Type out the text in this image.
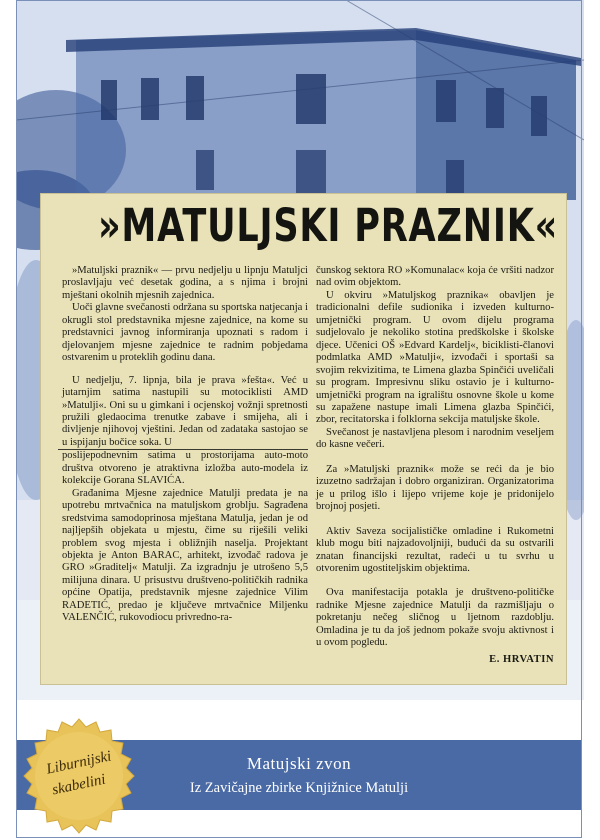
»MATULJSKI PRAZNIK«

»Matuljski praznik« — prvu nedjelju u lipnju Matuljci proslavljaju već desetak godina, a s njima i brojni mještani okolnih mjesnih zajednica.

Uoči glavne svečanosti održana su sportska natjecanja i okrugli stol predstavnika mjesne zajednice, na kome su predstavnici javnog informiranja upoznati s radom i djelovanjem mjesne zajednice te radnim pobjedama ostvarenim u proteklih godinu dana.

U nedjelju, 7. lipnja, bila je prava »fešta«. Već u jutarnjim satima nastupili su motociklisti AMD »Matulji«. Oni su u gimkani i ocjenskoj vožnji spretnosti pružili gledaocima trenutke zabave i smijeha, ali i divljenje njihovoj vještini. Jedan od zadataka sastojao se u ispijanju bočice soka. U

poslijepodnevnim satima u prostorijama auto-moto društva otvoreno je atraktivna izložba auto-modela iz kolekcije Gorana SLAVIĆA.

Građanima Mjesne zajednice Matulji predata je na upotrebu mrtvačnica na matuljskom groblju. Sagrađena sredstvima samodoprinosa mještana Matulja, jedan je od najljepših objekata u mjestu, čime su riješili veliki problem svog mjesta i obližnjih naselja. Projektant objekta je Anton BARAC, arhitekt, izvođač radova je GRO »Graditelj« Matulji. Za izgradnju je utrošeno 5,5 milijuna dinara. U prisustvu društveno-političkih radnika općine Opatija, predstavnik mjesne zajednice Vilim RADETIĆ, predao je ključeve mrtvačnice Miljenku VALENČIĆ, rukovodiocu privredno-ra-

čunskog sektora RO »Komunalac« koja će vršiti nadzor nad ovim objektom.

U okviru »Matuljskog praznika« obavljen je tradicionalni defile sudionika i izveden kulturno-umjetnički program. U ovom dijelu programa sudjelovalo je nekoliko stotina predškolske i školske djece. Učenici OŠ »Edvard Kardelj«, biciklisti-članovi podmlatka AMD »Matulji«, izvođači i sportaši sa svojim rekvizitima, te Limena glazba Spinčići uveličali su program. Impresivnu sliku ostavio je i kulturno-umjetnički program na igralištu osnovne škole u kome su zapažene nastupe imali Limena glazba Spinčići, zbor, recitatorska i folklorna sekcija matuljske škole.

Svečanost je nastavljena plesom i narodnim veseljem do kasne večeri.

Za »Matuljski praznik« može se reći da je bio izuzetno sadržajan i dobro organiziran. Organizatorima je u prilog išlo i lijepo vrijeme koje je pridonijelo brojnoj posjeti.

Aktiv Saveza socijalističke omladine i Rukometni klub mogu biti najzadovoljniji, budući da su ostvarili znatan financijski rezultat, radeći u tu svrhu u otvorenim ugostiteljskim objektima.

Ova manifestacija potakla je društveno-političke radnike Mjesne zajednice Matulji da razmišljaju o pokretanju nečeg sličnog u ljetnom razdoblju. Omladina je tu da još jednom pokaže svoju aktivnost i u ovom pogledu.

E. HRVATIN
Matujski zvon
Iz Zavičajne zbirke Knjižnice Matulji
Liburnijski
skabelini
